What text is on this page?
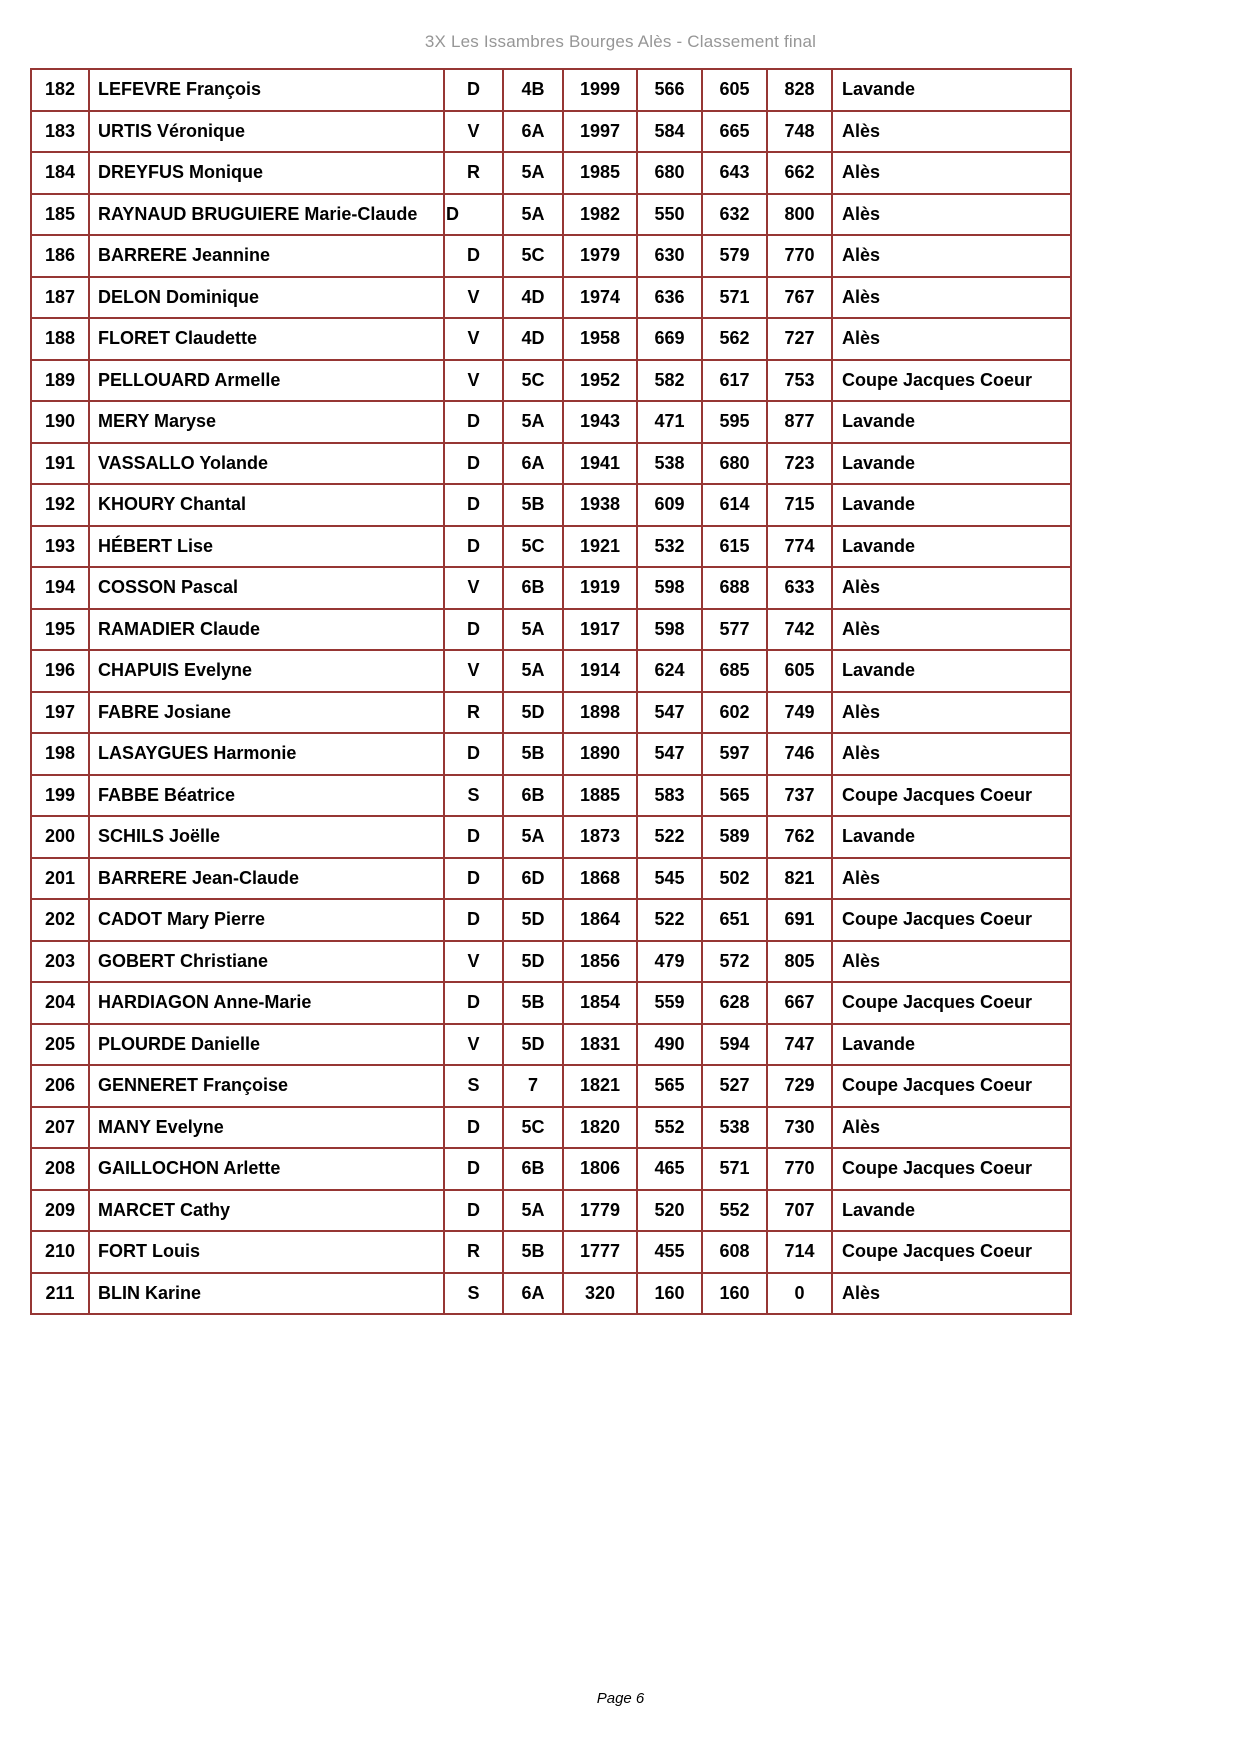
3X Les Issambres Bourges Alès - Classement final
182	LEFEVRE François	D	4B	1999	566	605	828	Lavande
183	URTIS Véronique	V	6A	1997	584	665	748	Alès
184	DREYFUS Monique	R	5A	1985	680	643	662	Alès
185	RAYNAUD BRUGUIERE Marie-Claude	D	5A	1982	550	632	800	Alès
186	BARRERE Jeannine	D	5C	1979	630	579	770	Alès
187	DELON Dominique	V	4D	1974	636	571	767	Alès
188	FLORET Claudette	V	4D	1958	669	562	727	Alès
189	PELLOUARD Armelle	V	5C	1952	582	617	753	Coupe Jacques Coeur
190	MERY Maryse	D	5A	1943	471	595	877	Lavande
191	VASSALLO Yolande	D	6A	1941	538	680	723	Lavande
192	KHOURY Chantal	D	5B	1938	609	614	715	Lavande
193	HÉBERT Lise	D	5C	1921	532	615	774	Lavande
194	COSSON Pascal	V	6B	1919	598	688	633	Alès
195	RAMADIER Claude	D	5A	1917	598	577	742	Alès
196	CHAPUIS Evelyne	V	5A	1914	624	685	605	Lavande
197	FABRE Josiane	R	5D	1898	547	602	749	Alès
198	LASAYGUES Harmonie	D	5B	1890	547	597	746	Alès
199	FABBE Béatrice	S	6B	1885	583	565	737	Coupe Jacques Coeur
200	SCHILS Joëlle	D	5A	1873	522	589	762	Lavande
201	BARRERE Jean-Claude	D	6D	1868	545	502	821	Alès
202	CADOT Mary Pierre	D	5D	1864	522	651	691	Coupe Jacques Coeur
203	GOBERT Christiane	V	5D	1856	479	572	805	Alès
204	HARDIAGON Anne-Marie	D	5B	1854	559	628	667	Coupe Jacques Coeur
205	PLOURDE Danielle	V	5D	1831	490	594	747	Lavande
206	GENNERET Françoise	S	7	1821	565	527	729	Coupe Jacques Coeur
207	MANY Evelyne	D	5C	1820	552	538	730	Alès
208	GAILLOCHON Arlette	D	6B	1806	465	571	770	Coupe Jacques Coeur
209	MARCET Cathy	D	5A	1779	520	552	707	Lavande
210	FORT Louis	R	5B	1777	455	608	714	Coupe Jacques Coeur
211	BLIN Karine	S	6A	320	160	160	0	Alès
Page 6
